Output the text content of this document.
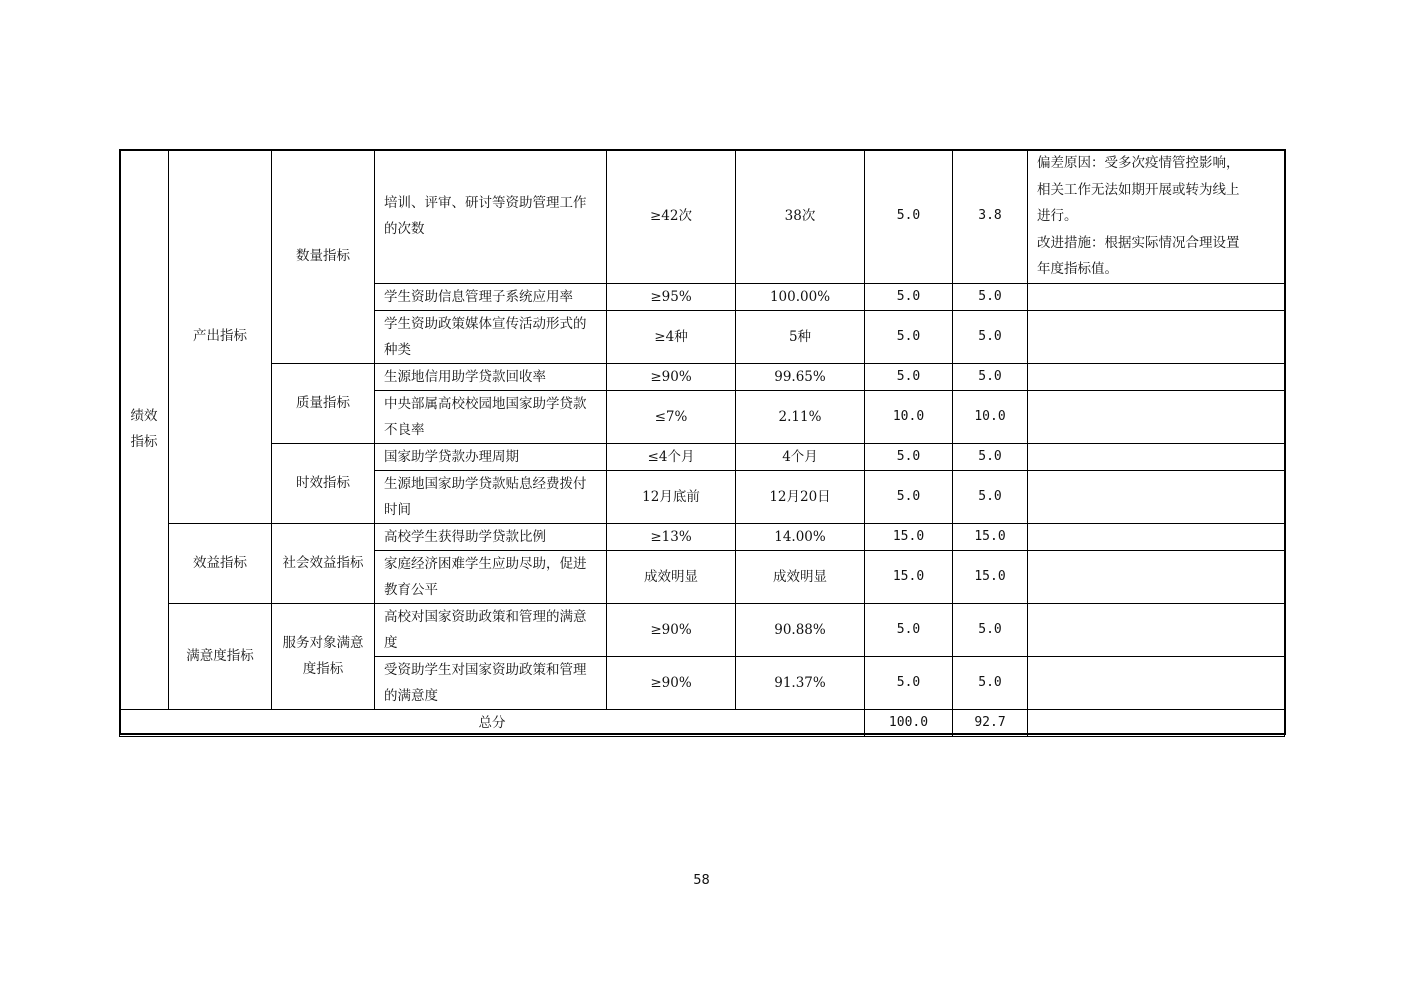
绩效指标	产出指标	数量指标	培训、评审、研讨等资助管理工作的次数	≥42次	38次	5.0	3.8	偏差原因：受多次疫情管控影响，
相关工作无法如期开展或转为线上
进行。
改进措施：根据实际情况合理设置
年度指标值。

			学生资助信息管理子系统应用率	≥95%	100.00%	5.0	5.0	
			学生资助政策媒体宣传活动形式的种类	≥4种	5种	5.0	5.0	
		质量指标	生源地信用助学贷款回收率	≥90%	99.65%	5.0	5.0	
			中央部属高校校园地国家助学贷款不良率	≤7%	2.11%	10.0	10.0	
		时效指标	国家助学贷款办理周期	≤4个月	4个月	5.0	5.0	
			生源地国家助学贷款贴息经费拨付时间	12月底前	12月20日	5.0	5.0	
	效益指标	社会效益指标	高校学生获得助学贷款比例	≥13%	14.00%	15.0	15.0	
			家庭经济困难学生应助尽助，促进教育公平	成效明显	成效明显	15.0	15.0	
	满意度指标	服务对象满意度指标	高校对国家资助政策和管理的满意度	≥90%	90.88%	5.0	5.0	
			受资助学生对国家资助政策和管理的满意度	≥90%	91.37%	5.0	5.0	
总分						100.0	92.7	
58
